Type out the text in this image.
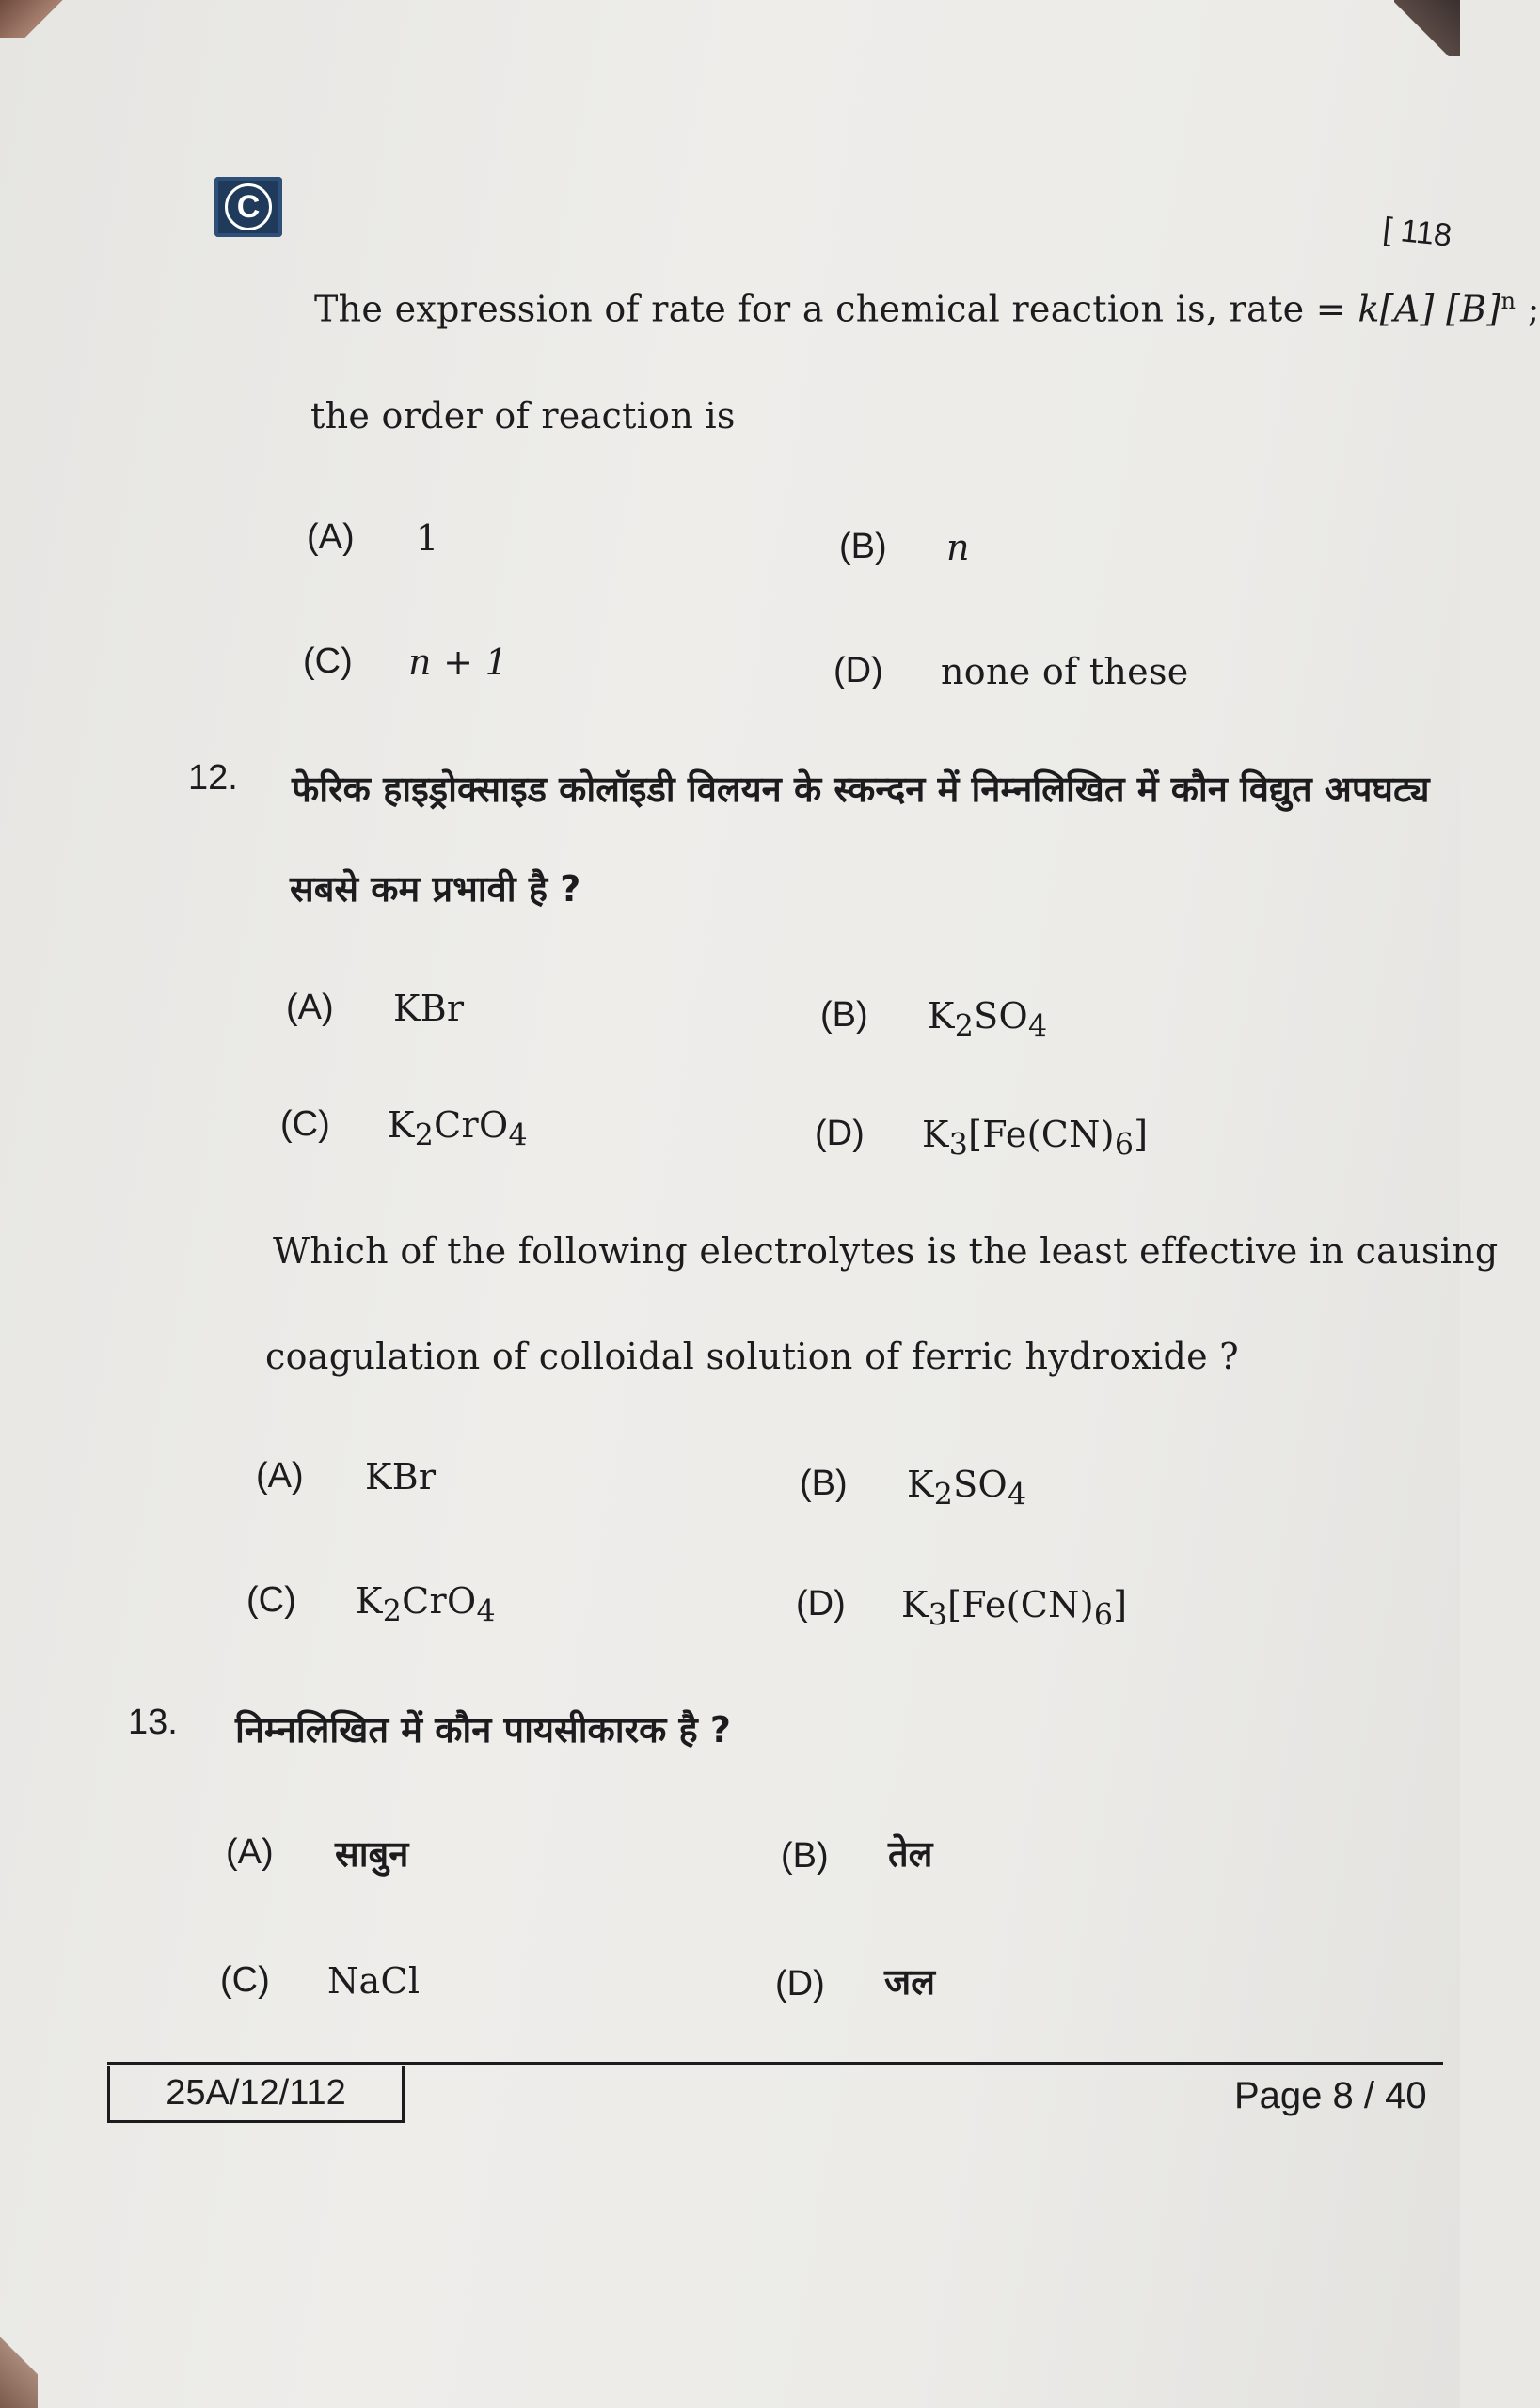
C
[ 118
The expression of rate for a chemical reaction is, rate = k[A] $[B]^n$ ;
the order of reaction is
(A) 1	(B) n
(C) n + 1	(D) none of these
12. फेरिक हाइड्रोक्साइड कोलॉइडी विलयन के स्कन्दन में निम्नलिखित में कौन विद्युत अपघट्य
सबसे कम प्रभावी है ?
(A) KBr	(B) $K_2SO_4$
(C) $K_2CrO_4$	(D) $K_3[Fe(CN)_6]$
Which of the following electrolytes is the least effective in causing
coagulation of colloidal solution of ferric hydroxide ?
(A) KBr	(B) $K_2SO_4$
(C) $K_2CrO_4$	(D) $K_3[Fe(CN)_6]$
13. निम्नलिखित में कौन पायसीकारक है ?
(A) साबुन	(B) तेल
(C) NaCl	(D) जल
25A/12/112	Page 8 / 40
